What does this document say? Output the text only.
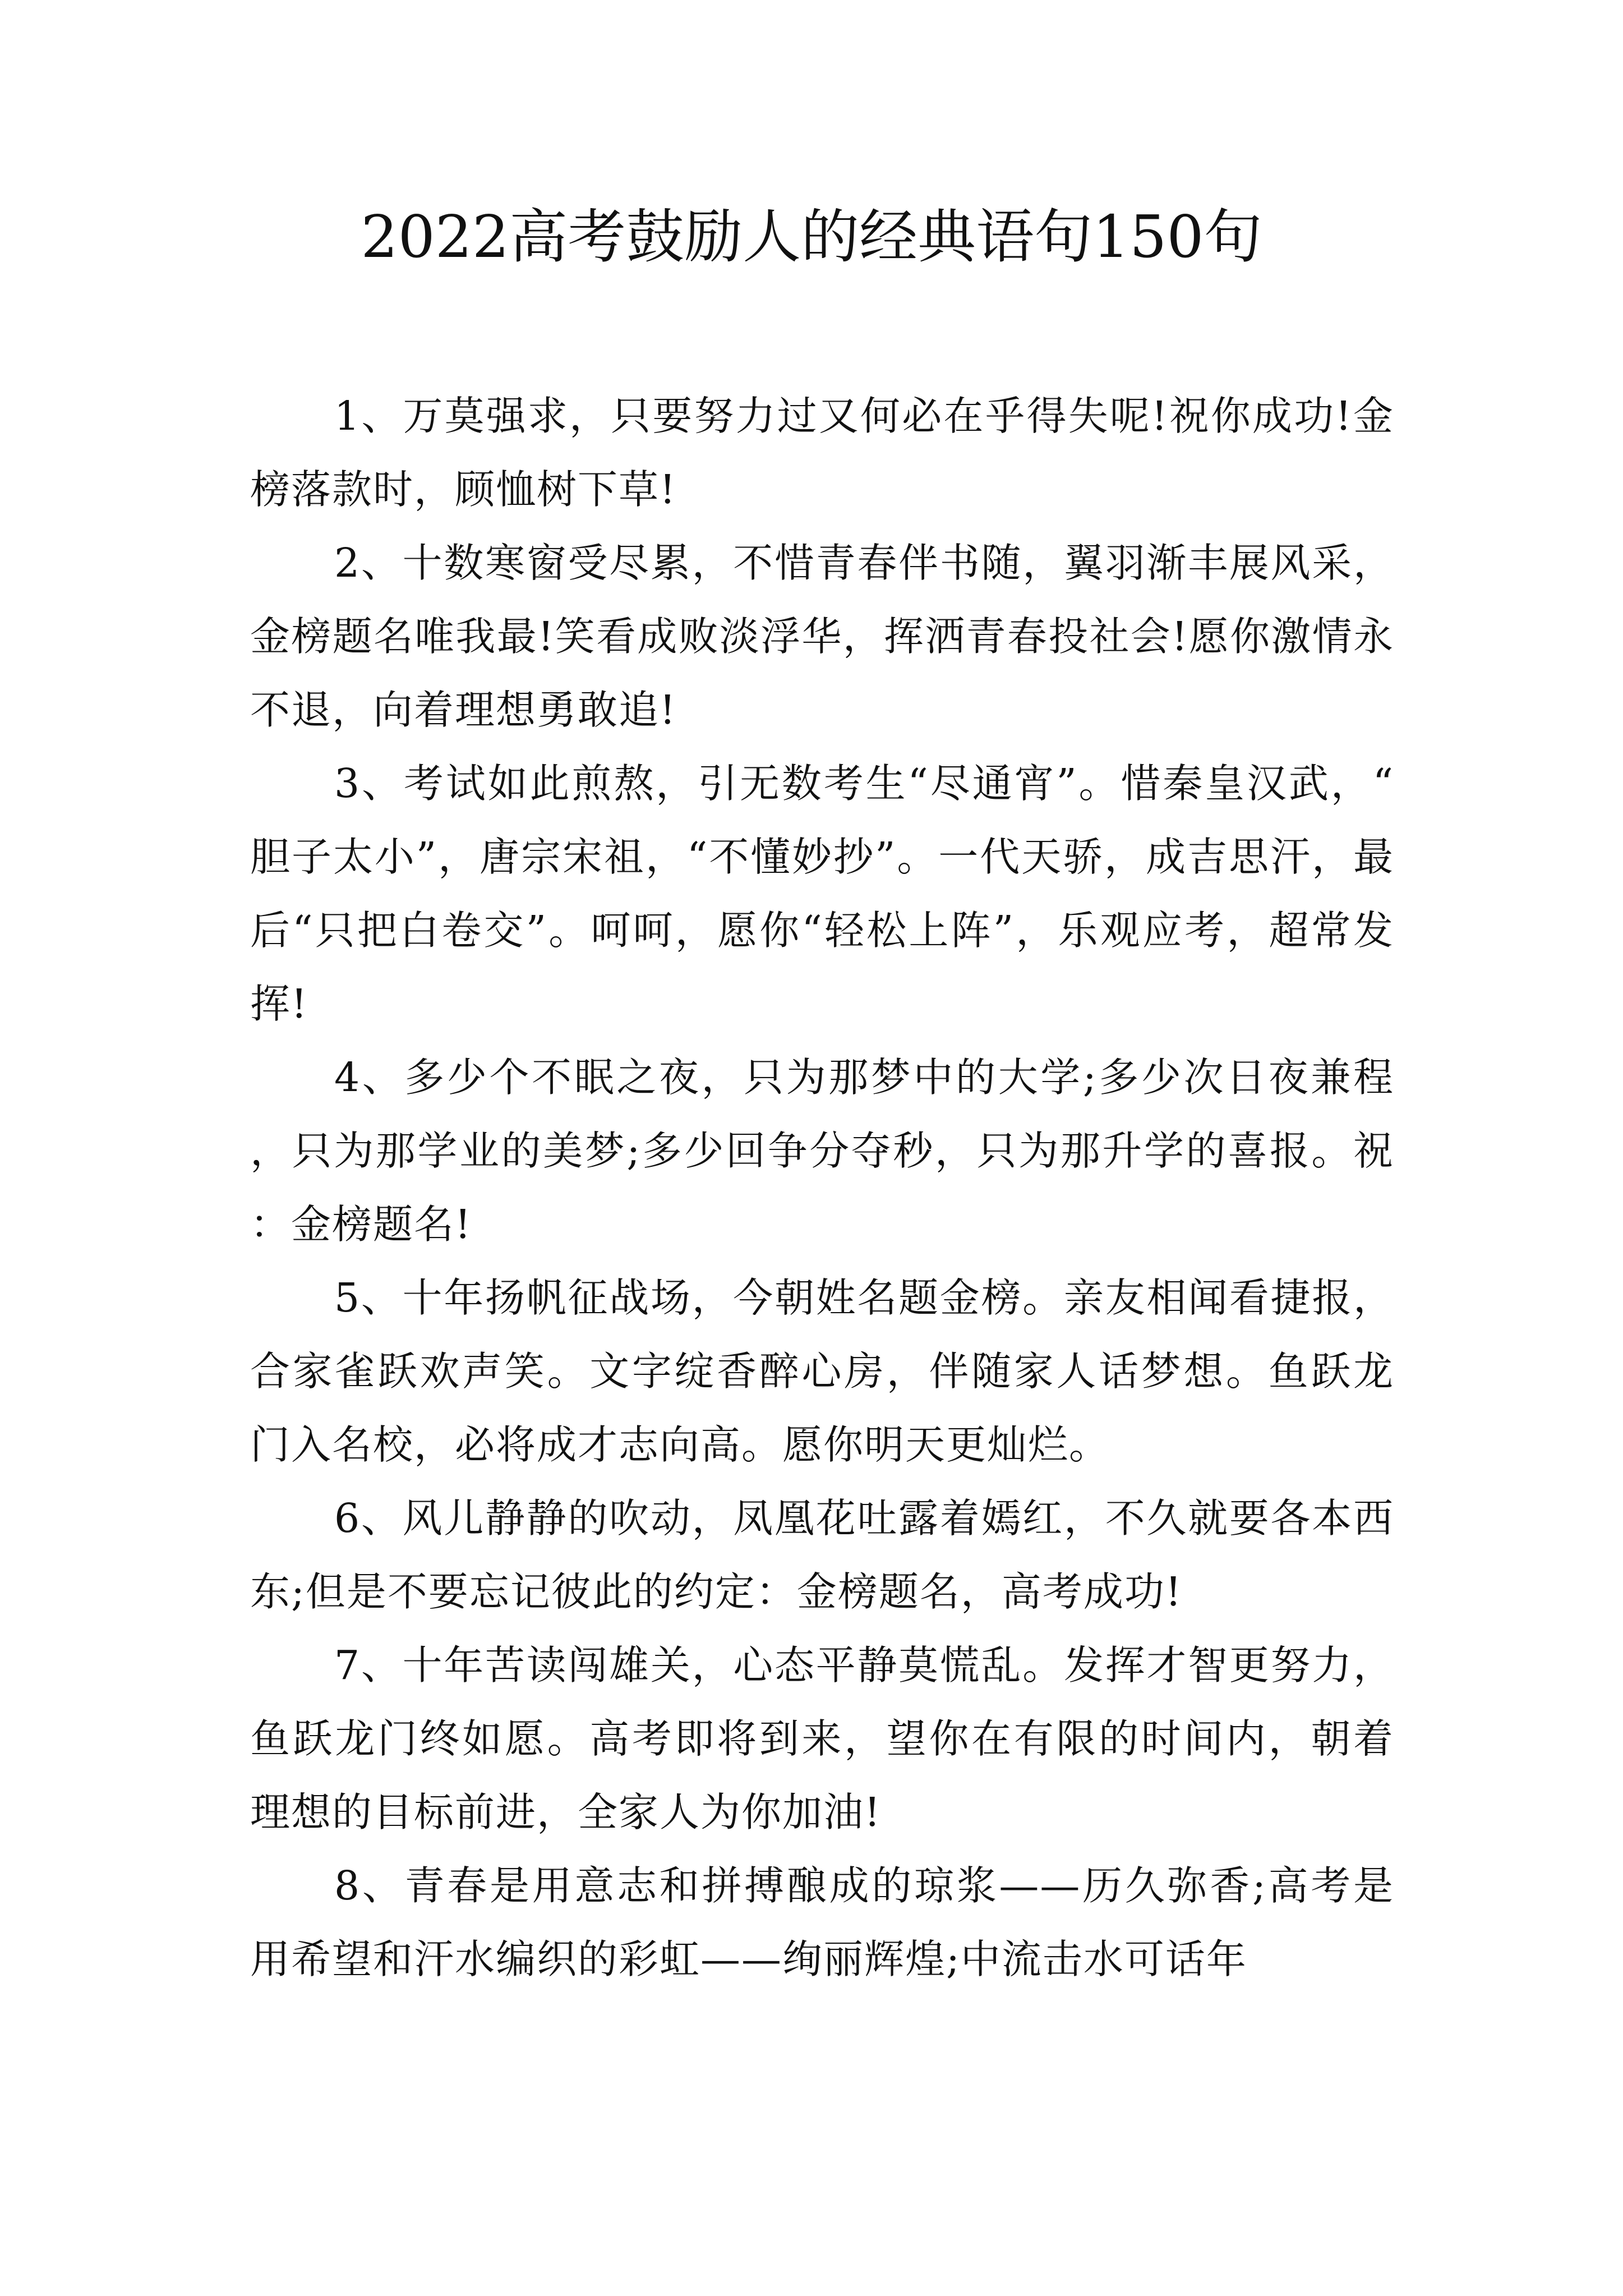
2022高考鼓励人的经典语句150句

1、万莫强求，只要努力过又何必在乎得失呢!祝你成功!金榜落款时，顾恤树下草!

2、十数寒窗受尽累，不惜青春伴书随，翼羽渐丰展风采，金榜题名唯我最!笑看成败淡浮华，挥洒青春投社会!愿你激情永不退，向着理想勇敢追!

3、考试如此煎熬，引无数考生“尽通宵”。惜秦皇汉武，“胆子太小”，唐宗宋祖，“不懂妙抄”。一代天骄，成吉思汗，最后“只把白卷交”。呵呵，愿你“轻松上阵”，乐观应考，超常发挥!

4、多少个不眠之夜，只为那梦中的大学;多少次日夜兼程，只为那学业的美梦;多少回争分夺秒，只为那升学的喜报。祝：金榜题名!

5、十年扬帆征战场，今朝姓名题金榜。亲友相闻看捷报，合家雀跃欢声笑。文字绽香醉心房，伴随家人话梦想。鱼跃龙门入名校，必将成才志向高。愿你明天更灿烂。

6、风儿静静的吹动，凤凰花吐露着嫣红，不久就要各本西东;但是不要忘记彼此的约定：金榜题名，高考成功!

7、十年苦读闯雄关，心态平静莫慌乱。发挥才智更努力，鱼跃龙门终如愿。高考即将到来，望你在有限的时间内，朝着理想的目标前进，全家人为你加油!

8、青春是用意志和拼搏酿成的琼浆——历久弥香;高考是用希望和汗水编织的彩虹——绚丽辉煌;中流击水可话年
